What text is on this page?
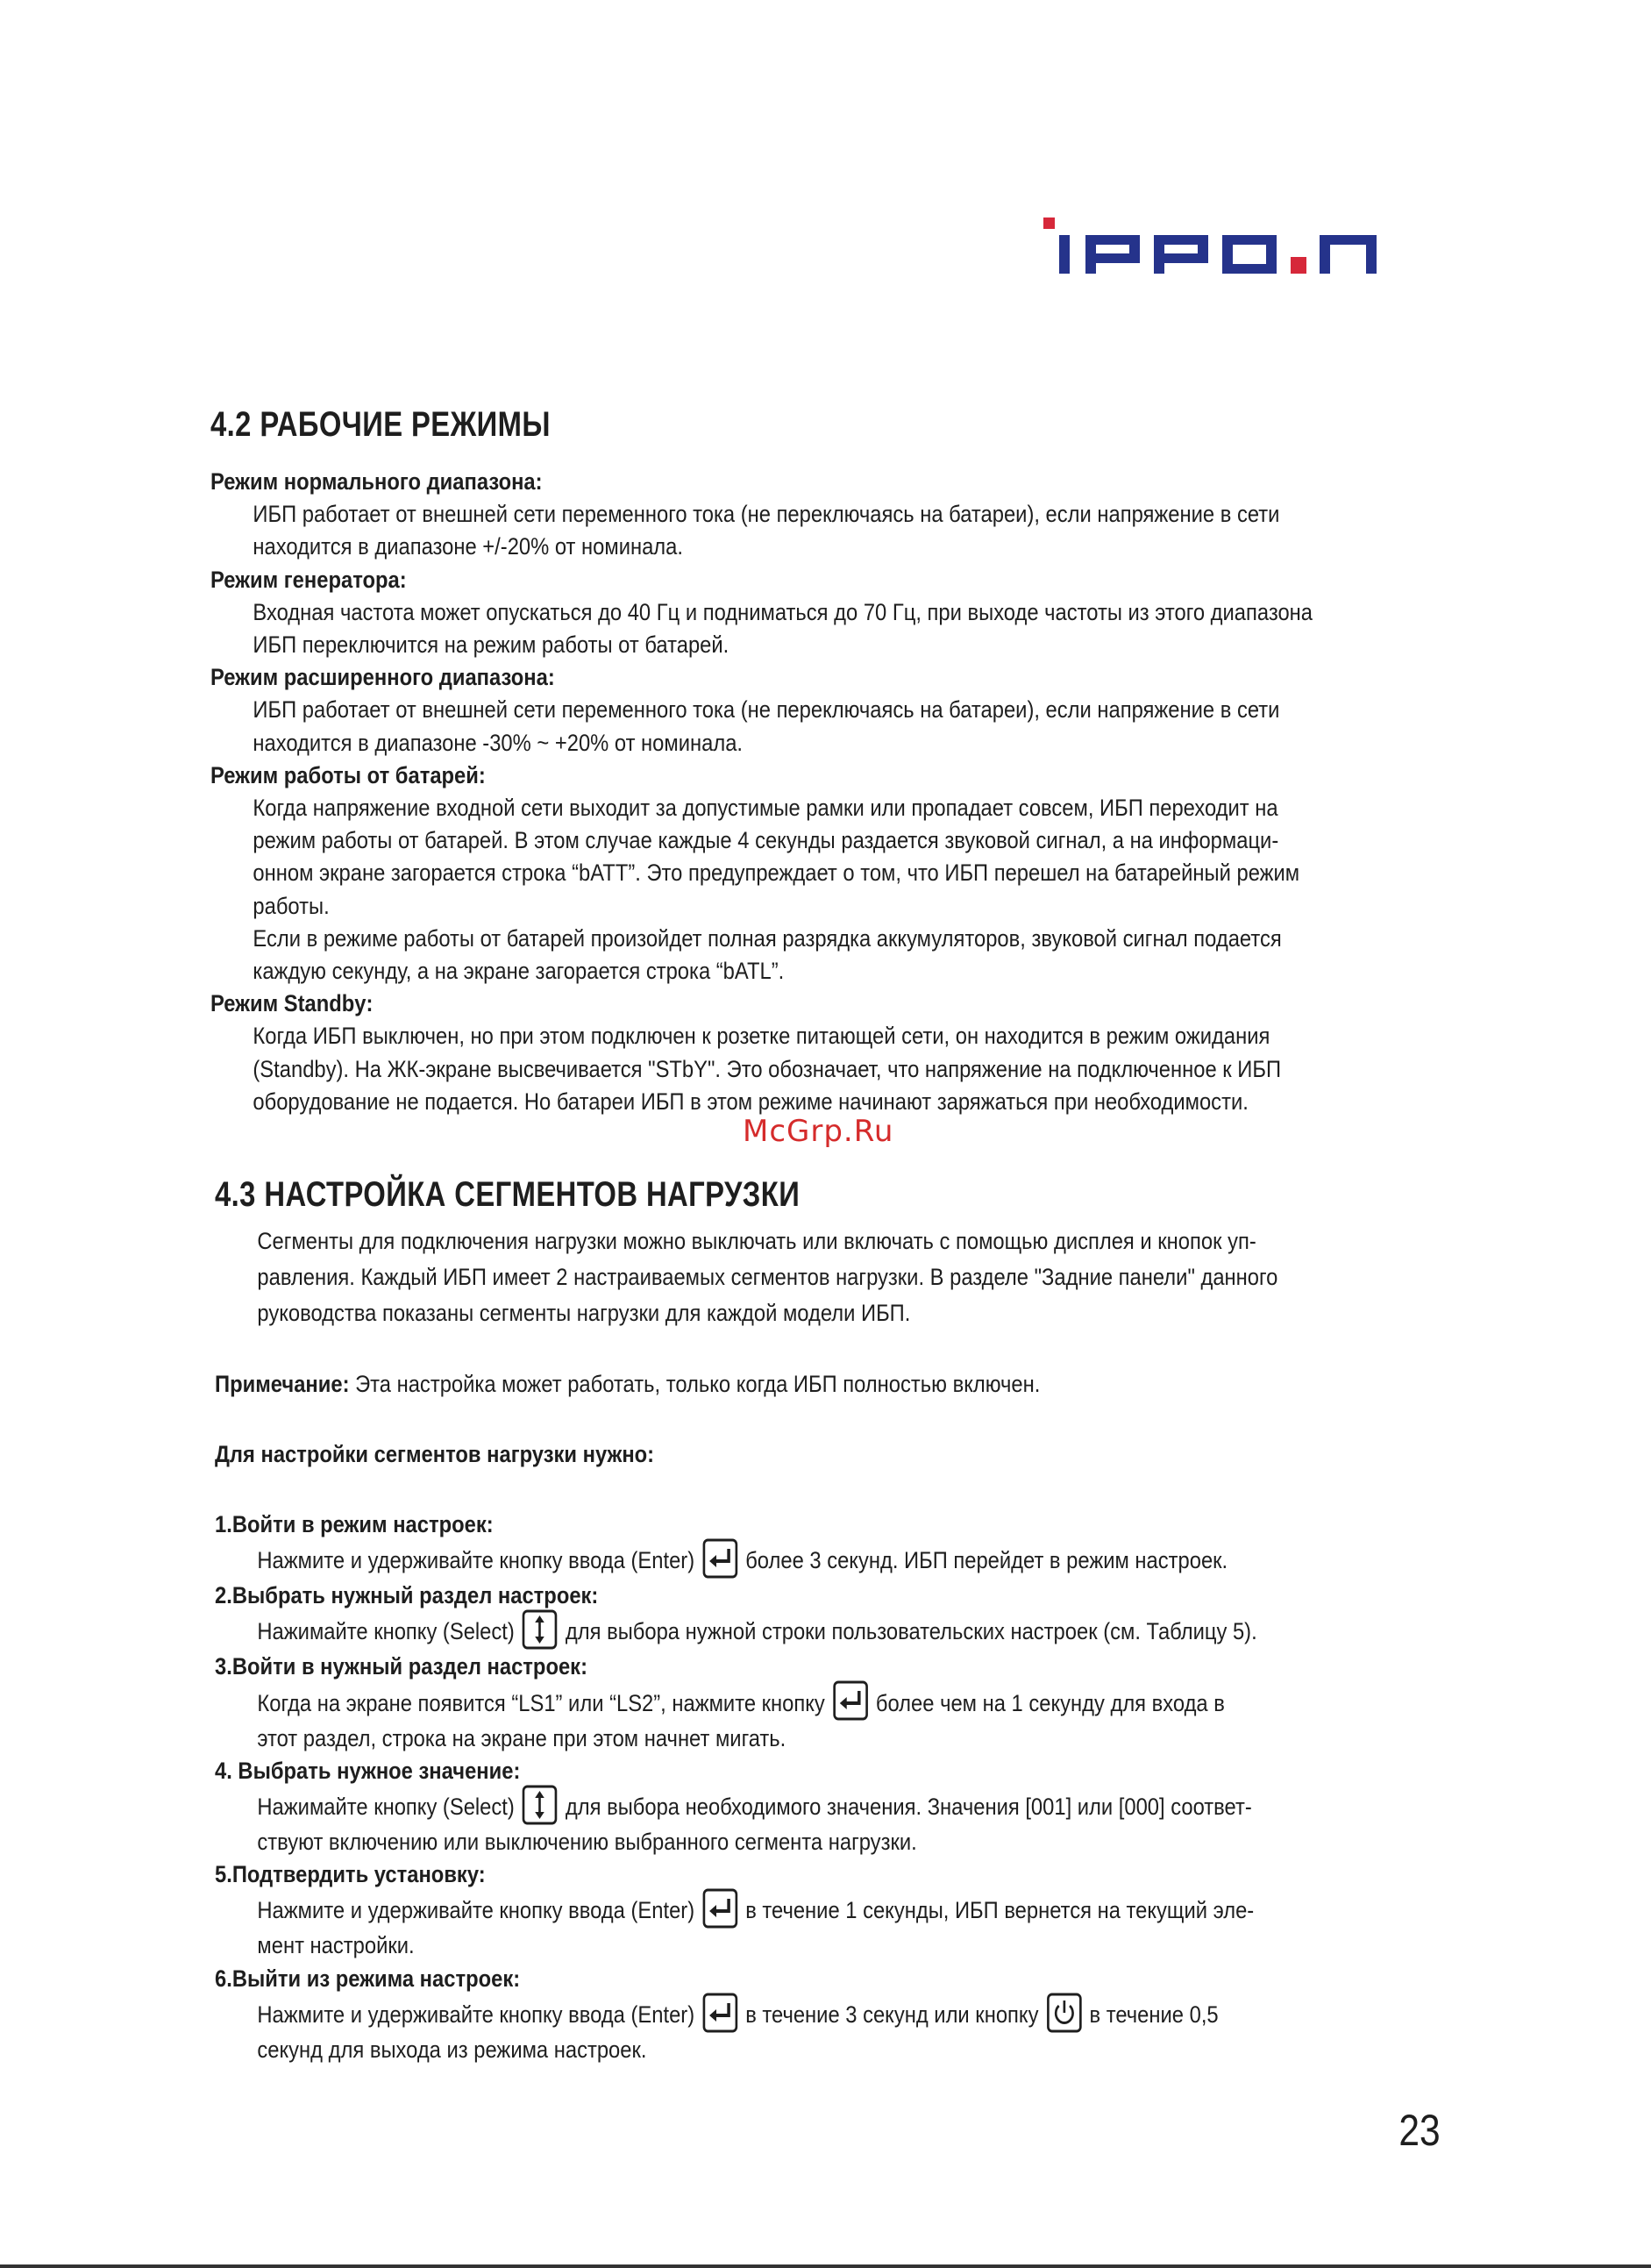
4.2 РАБОЧИЕ РЕЖИМЫ

Режим нормального диапазона:

ИБП работает от внешней сети переменного тока (не переключаясь на батареи), если напряжение в сети

находится в диапазоне +/-20% от номинала.

Режим генератора:

Входная частота может опускаться до 40 Гц и подниматься до 70 Гц, при выходе частоты из этого диапазона

ИБП переключится на режим работы от батарей.

Режим расширенного диапазона:

ИБП работает от внешней сети переменного тока (не переключаясь на батареи), если напряжение в сети

находится в диапазоне -30% ~ +20% от номинала.

Режим работы от батарей:

Когда напряжение входной сети выходит за допустимые рамки или пропадает совсем, ИБП переходит на

режим работы от батарей. В этом случае каждые 4 секунды раздается звуковой сигнал, а на информаци-

онном экране загорается строка “bATT”. Это предупреждает о том, что ИБП перешел на батарейный режим

работы.

Если в режиме работы от батарей произойдет полная разрядка аккумуляторов, звуковой сигнал подается

каждую секунду, а на экране загорается строка “bATL”.

Режим Standby:

Когда ИБП выключен, но при этом подключен к розетке питающей сети, он находится в режим ожидания

(Standby). На ЖК-экране высвечивается "STbY". Это обозначает, что напряжение на подключенное к ИБП

оборудование не подается. Но батареи ИБП в этом режиме начинают заряжаться при необходимости.

McGrp.Ru
4.3 НАСТРОЙКА СЕГМЕНТОВ НАГРУЗКИ

Сегменты для подключения нагрузки можно выключать или включать с помощью дисплея и кнопок уп-

равления. Каждый ИБП имеет 2 настраиваемых сегментов нагрузки. В разделе "Задние панели" данного

руководства показаны сегменты нагрузки для каждой модели ИБП.

Примечание: Эта настройка может работать, только когда ИБП полностью включен.

Для настройки сегментов нагрузки нужно:

1.Войти в режим настроек:

Нажмите и удерживайте кнопку ввода (Enter) более 3 секунд. ИБП перейдет в режим настроек.

2.Выбрать нужный раздел настроек:

Нажимайте кнопку (Select) для выбора нужной строки пользовательских настроек (см. Таблицу 5).

3.Войти в нужный раздел настроек:

Когда на экране появится “LS1” или “LS2”, нажмите кнопку более чем на 1 секунду для входа в

этот раздел, строка на экране при этом начнет мигать.

4. Выбрать нужное значение:

Нажимайте кнопку (Select) для выбора необходимого значения. Значения [001] или [000] соответ-

ствуют включению или выключению выбранного сегмента нагрузки.

5.Подтвердить установку:

Нажмите и удерживайте кнопку ввода (Enter) в течение 1 секунды, ИБП вернется на текущий эле-

мент настройки.

6.Выйти из режима настроек:

Нажмите и удерживайте кнопку ввода (Enter) в течение 3 секунд или кнопку в течение 0,5

секунд для выхода из режима настроек.

23
